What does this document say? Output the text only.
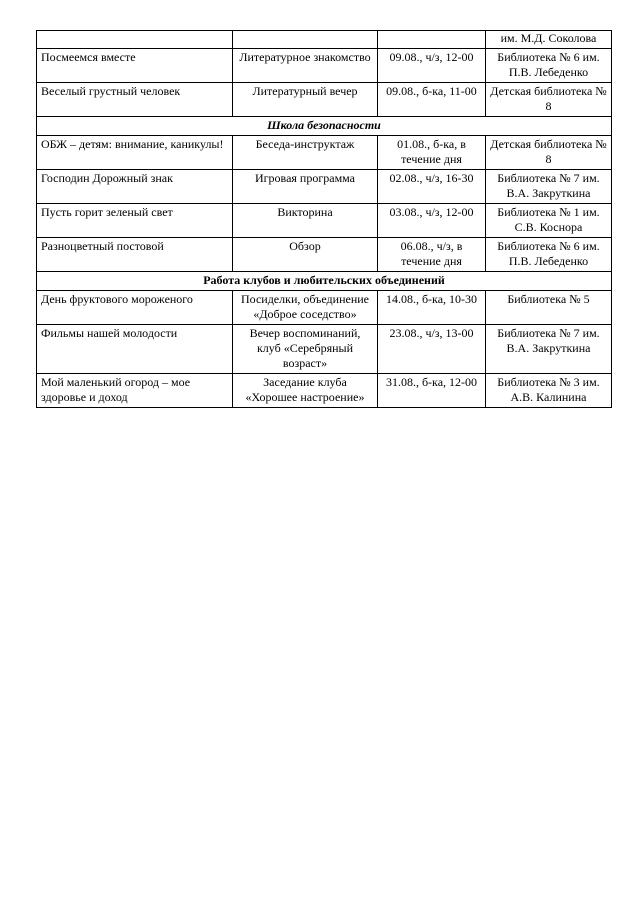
			им. М.Д. Соколова
Посмеемся вместе	Литературное знакомство	09.08., ч/з, 12-00	Библиотека № 6 им. П.В. Лебеденко
Веселый грустный человек	Литературный вечер	09.08., б-ка, 11-00	Детская библиотека № 8
Школа безопасности			
ОБЖ – детям: внимание, каникулы!	Беседа-инструктаж	01.08., б-ка, в течение дня	Детская библиотека № 8
Господин Дорожный знак	Игровая программа	02.08., ч/з, 16-30	Библиотека № 7 им. В.А. Закруткина
Пусть горит зеленый свет	Викторина	03.08., ч/з, 12-00	Библиотека № 1 им. С.В. Коснора
Разноцветный постовой	Обзор	06.08., ч/з, в течение дня	Библиотека № 6 им. П.В. Лебеденко
Работа клубов и любительских объединений			
День фруктового мороженого	Посиделки, объединение «Доброе соседство»	14.08., б-ка, 10-30	Библиотека № 5
Фильмы нашей молодости	Вечер воспоминаний, клуб «Серебряный возраст»	23.08., ч/з, 13-00	Библиотека № 7 им. В.А. Закруткина
Мой маленький огород – мое здоровье и доход	Заседание клуба «Хорошее настроение»	31.08., б-ка, 12-00	Библиотека № 3 им. А.В. Калинина
